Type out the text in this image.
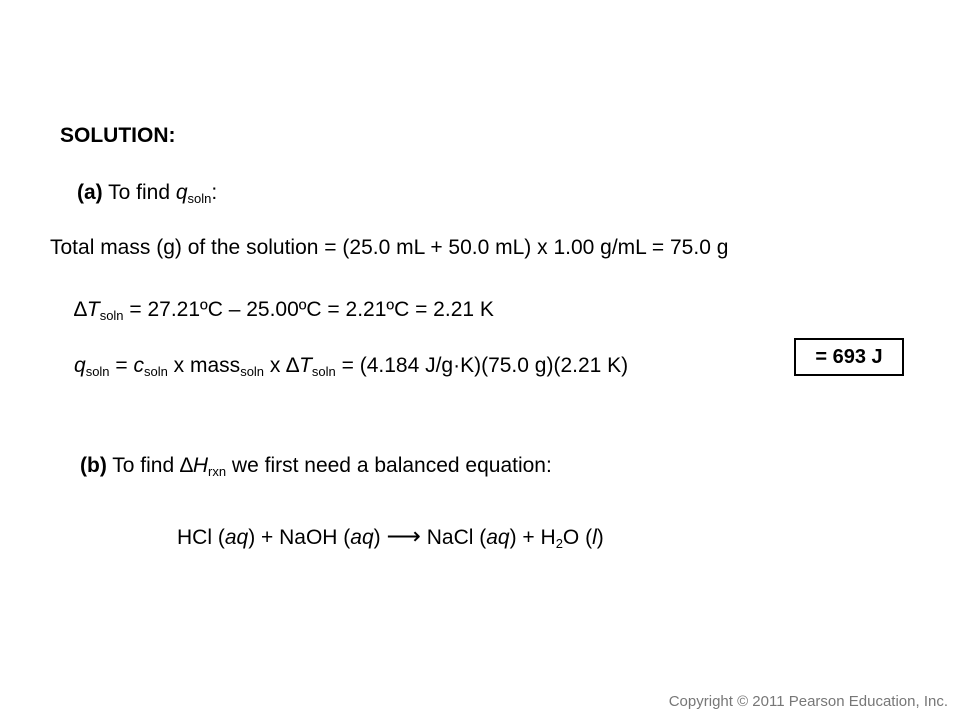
SOLUTION:
(a) To find $q_{soln}$:
Total mass (g) of the solution = (25.0 mL + 50.0 mL) x 1.00 g/mL = 75.0 g
$\Delta T_{soln}$ = 27.21ºC – 25.00ºC = 2.21ºC = 2.21 K
$q_{soln} = c_{soln}$ x mass$_{soln}$ x $\Delta T_{soln} = (4.184$ J/g·K)(75.0 g)(2.21 K)	= 693 J
(b) To find $\Delta H_{rxn}$ we first need a balanced equation:
HCl (aq) + NaOH (aq) ⟶ NaCl $(aq) + H_2O$ (l)
Copyright © 2011 Pearson Education, Inc.
